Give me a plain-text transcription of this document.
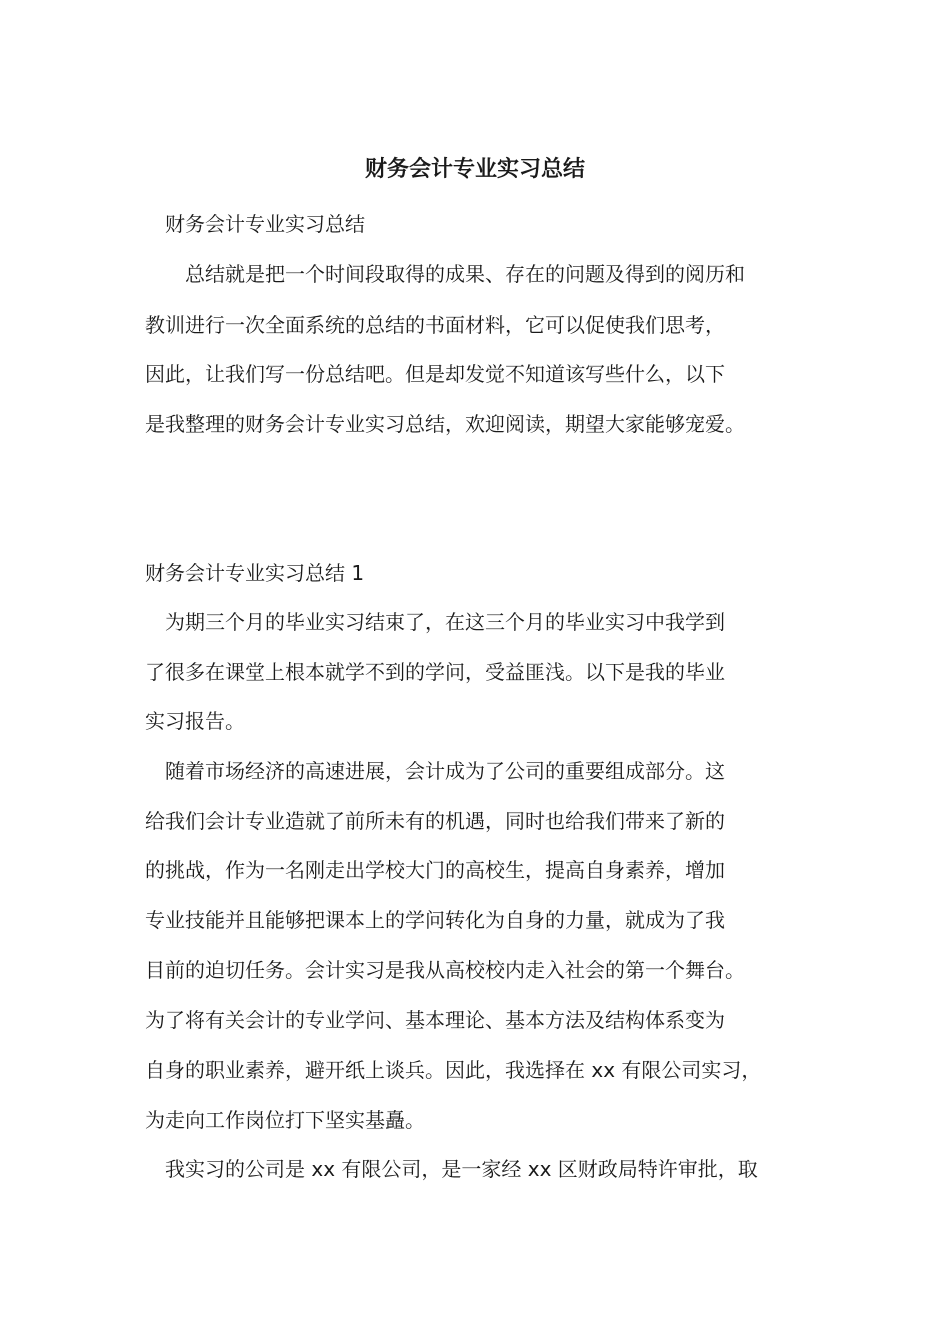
财务会计专业实习总结
　财务会计专业实习总结
　　总结就是把一个时间段取得的成果、存在的问题及得到的阅历和
教训进行一次全面系统的总结的书面材料，它可以促使我们思考，
因此，让我们写一份总结吧。但是却发觉不知道该写些什么，以下
是我整理的财务会计专业实习总结，欢迎阅读，期望大家能够宠爱。
财务会计专业实习总结 1
　为期三个月的毕业实习结束了，在这三个月的毕业实习中我学到
了很多在课堂上根本就学不到的学问，受益匪浅。以下是我的毕业
实习报告。
　随着市场经济的高速进展，会计成为了公司的重要组成部分。这
给我们会计专业造就了前所未有的机遇，同时也给我们带来了新的
的挑战，作为一名刚走出学校大门的高校生，提高自身素养，增加
专业技能并且能够把课本上的学问转化为自身的力量，就成为了我
目前的迫切任务。会计实习是我从高校校内走入社会的第一个舞台。
为了将有关会计的专业学问、基本理论、基本方法及结构体系变为
自身的职业素养，避开纸上谈兵。因此，我选择在 xx 有限公司实习，
为走向工作岗位打下坚实基矗。
　我实习的公司是 xx 有限公司，是一家经 xx 区财政局特许审批，取
